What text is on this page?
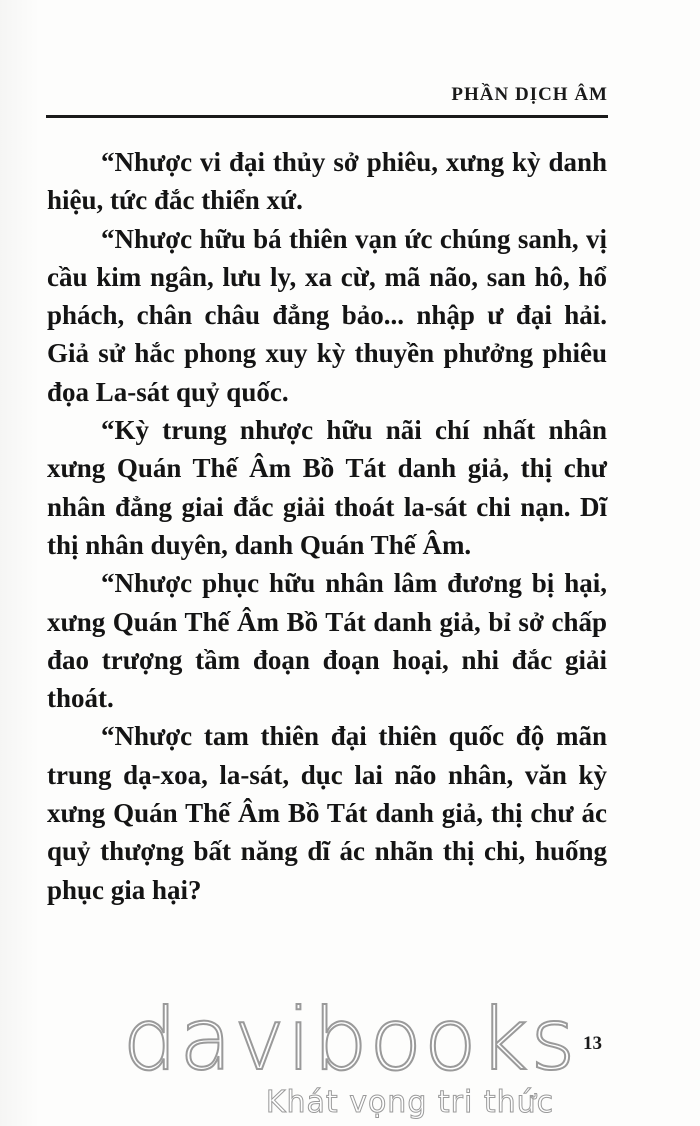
PHẦN DỊCH ÂM

“Nhược vi đại thủy sở phiêu, xưng kỳ danh hiệu, tức đắc thiển xứ.

“Nhược hữu bá thiên vạn ức chúng sanh, vị cầu kim ngân, lưu ly, xa cừ, mã não, san hô, hổ phách, chân châu đẳng bảo... nhập ư đại hải. Giả sử hắc phong xuy kỳ thuyền phưởng phiêu đọa La-sát quỷ quốc.

“Kỳ trung nhược hữu nãi chí nhất nhân xưng Quán Thế Âm Bồ Tát danh giả, thị chư nhân đẳng giai đắc giải thoát la-sát chi nạn. Dĩ thị nhân duyên, danh Quán Thế Âm.

“Nhược phục hữu nhân lâm đương bị hại, xưng Quán Thế Âm Bồ Tát danh giả, bỉ sở chấp đao trượng tầm đoạn đoạn hoại, nhi đắc giải thoát.

“Nhược tam thiên đại thiên quốc độ mãn trung dạ-xoa, la-sát, dục lai não nhân, văn kỳ xưng Quán Thế Âm Bồ Tát danh giả, thị chư ác quỷ thượng bất năng dĩ ác nhãn thị chi, huống phục gia hại?

13
davibooks
Khát vọng tri thức
